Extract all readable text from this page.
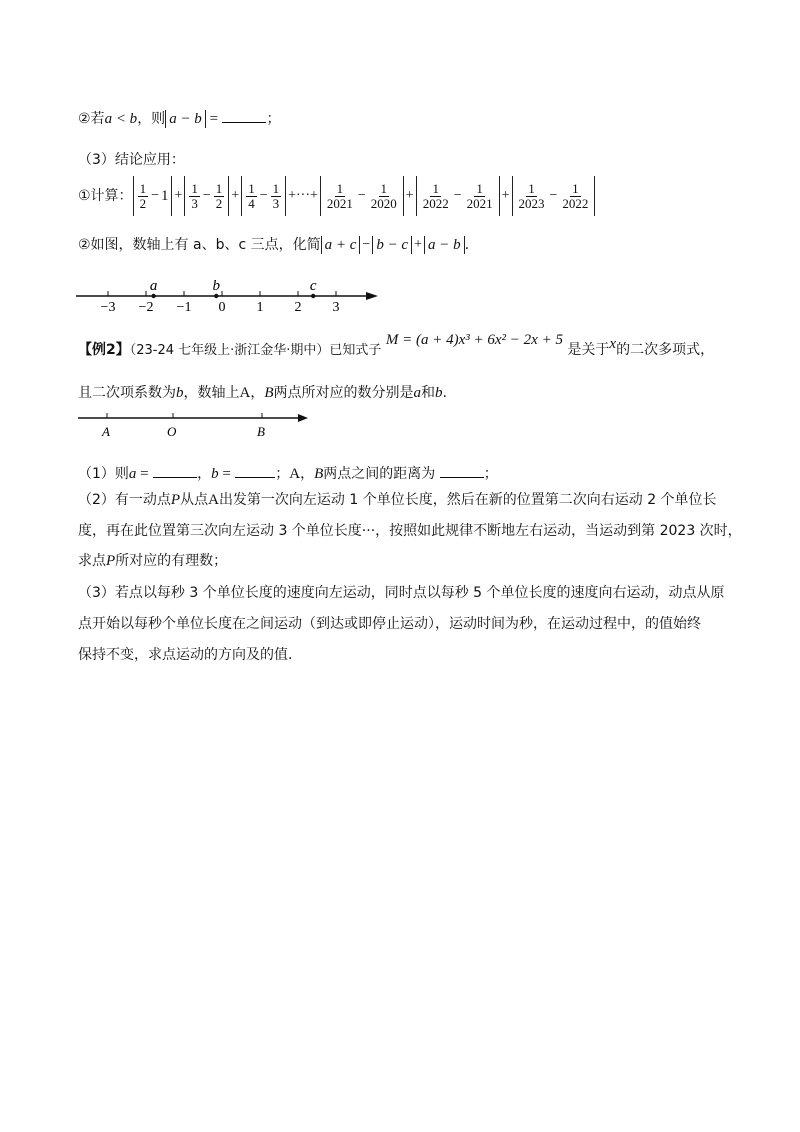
②若a < b，则 a − b =	；
（3）结论应用：
①计算： $\frac{1}{2} - 1 + \frac{1}{3} - \frac{1}{2} + \frac{1}{4} - \frac{1}{3}$ +···+ $\frac{1}{2021} - \frac{1}{2020} + \frac{1}{2022} - \frac{1}{2021} + \frac{1}{2023} - \frac{1}{2022}$
②如图，数轴上有 a、b、c 三点，化简 a + c − b − c + a − b .
−3 −2 −1 0 1 2 3
a	b	c
【例2】（23-24 七年级上·浙江金华·期中）已知式子 M = (a + 4)x³ + 6x² − 2x + 5 是关于x的二次多项式，
且二次项系数为b，数轴上A，B两点所对应的数分别是a和b.
A	O	B
（1）则a =	，b =	；A，B两点之间的距离为	；
（2）有一动点P从点A出发第一次向左运动 1 个单位长度，然后在新的位置第二次向右运动 2 个单位长
度，再在此位置第三次向左运动 3 个单位长度···，按照如此规律不断地左右运动，当运动到第 2023 次时，
求点P所对应的有理数；
（3）若点以每秒 3 个单位长度的速度向左运动，同时点以每秒 5 个单位长度的速度向右运动，动点从原
点开始以每秒个单位长度在之间运动（到达或即停止运动），运动时间为秒，在运动过程中，的值始终
保持不变，求点运动的方向及的值.
